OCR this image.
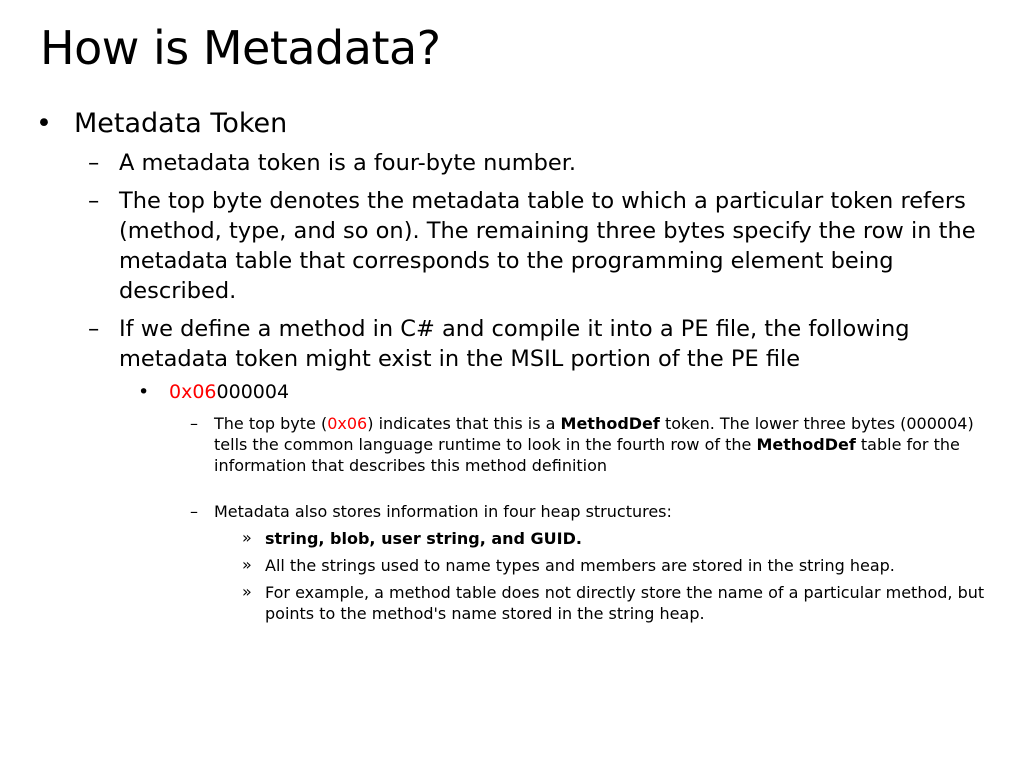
How is Metadata?
• Metadata Token
– A metadata token is a four-byte number.
– The top byte denotes the metadata table to which a particular token refers (method, type, and so on). The remaining three bytes specify the row in the metadata table that corresponds to the programming element being described.
– If we define a method in C# and compile it into a PE file, the following metadata token might exist in the MSIL portion of the PE file
• 0x06000004
– The top byte (0x06) indicates that this is a MethodDef token. The lower three bytes (000004) tells the common language runtime to look in the fourth row of the MethodDef table for the information that describes this method definition
– Metadata also stores information in four heap structures:
» string, blob, user string, and GUID.
» All the strings used to name types and members are stored in the string heap.
» For example, a method table does not directly store the name of a particular method, but points to the method's name stored in the string heap.
